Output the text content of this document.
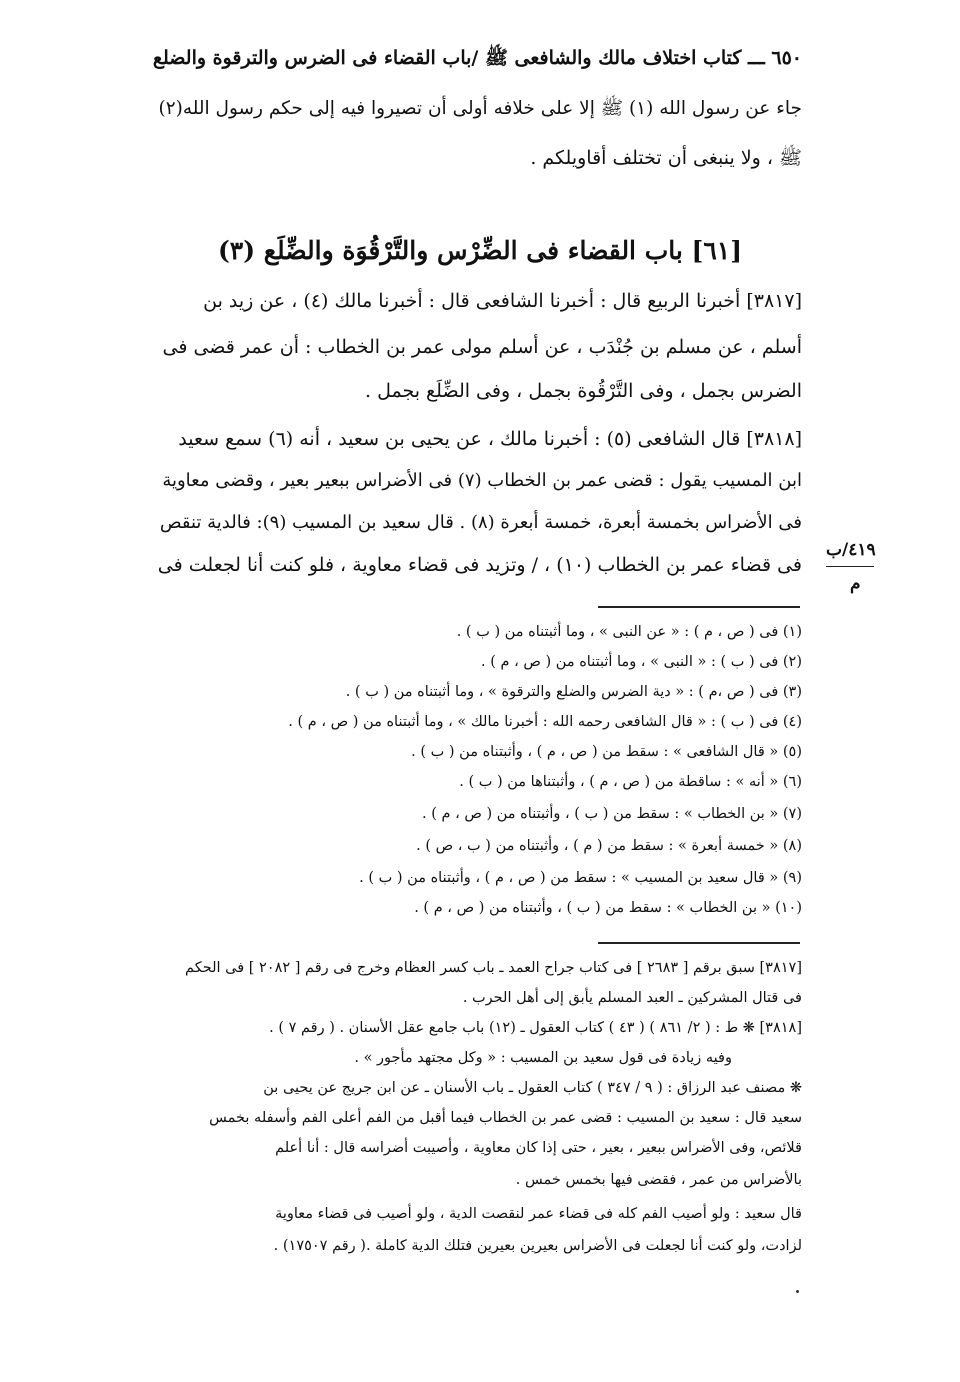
٦٥٠ ـــ كتاب اختلاف مالك والشافعى ﷺ /باب القضاء فى الضرس والترقوة والضلع
جاء عن رسول الله (١) ﷺ إلا على خلافه أولى أن تصيروا فيه إلى حكم رسول الله(٢)
ﷺ ، ولا ينبغى أن تختلف أقاويلكم .
[٦١] باب القضاء فى الضِّرْس والتَّرْقُوَة والضِّلَع (٣)
[٣٨١٧] أخبرنا الربيع قال : أخبرنا الشافعى قال : أخبرنا مالك (٤) ، عن زيد بن
أسلم ، عن مسلم بن جُنْدَب ، عن أسلم مولى عمر بن الخطاب : أن عمر قضى فى
الضرس بجمل ، وفى التَّرْقُوة بجمل ، وفى الضِّلَع بجمل .
[٣٨١٨] قال الشافعى (٥) : أخبرنا مالك ، عن يحيى بن سعيد ، أنه (٦) سمع سعيد
ابن المسيب يقول : قضى عمر بن الخطاب (٧) فى الأضراس ببعير بعير ، وقضى معاوية
فى الأضراس بخمسة أبعرة، خمسة أبعرة (٨) . قال سعيد بن المسيب (٩): فالدية تنقص
فى قضاء عمر بن الخطاب (١٠) ، / وتزيد فى قضاء معاوية ، فلو كنت أنا لجعلت فى
٤١٩/ب
م
(١) فى ( ص ، م ) : « عن النبى » ، وما أثبتناه من ( ب ) .
(٢) فى ( ب ) : « النبى » ، وما أثبتناه من ( ص ، م ) .
(٣) فى ( ص ،م ) : « دية الضرس والضلع والترقوة » ، وما أثبتناه من ( ب ) .
(٤) فى ( ب ) : « قال الشافعى رحمه الله : أخبرنا مالك » ، وما أثبتناه من ( ص ، م ) .
(٥) « قال الشافعى » : سقط من ( ص ، م ) ، وأثبتناه من ( ب ) .
(٦) « أنه » : ساقطة من ( ص ، م ) ، وأثبتناها من ( ب ) .
(٧) « بن الخطاب » : سقط من ( ب ) ، وأثبتناه من ( ص ، م ) .
(٨) « خمسة أبعرة » : سقط من ( م ) ، وأثبتناه من ( ب ، ص ) .
(٩) « قال سعيد بن المسيب » : سقط من ( ص ، م ) ، وأثبتناه من ( ب ) .
(١٠) « بن الخطاب » : سقط من ( ب ) ، وأثبتناه من ( ص ، م ) .
[٣٨١٧] سبق برقم [ ٢٦٨٣ ] فى كتاب جراح العمد ـ باب كسر العظام وخرج فى رقم [ ٢٠٨٢ ] فى الحكم
فى قتال المشركين ـ العبد المسلم يأبق إلى أهل الحرب .
[٣٨١٨] ❋ ط : ( ٢/ ٨٦١ ) ( ٤٣ ) كتاب العقول ـ (١٢) باب جامع عقل الأسنان . ( رقم ٧ ) .
وفيه زيادة فى قول سعيد بن المسيب : « وكل مجتهد مأجور » .
❋ مصنف عبد الرزاق : ( ٩ / ٣٤٧ ) كتاب العقول ـ باب الأسنان ـ عن ابن جريج عن يحيى بن
سعيد قال : سعيد بن المسيب : قضى عمر بن الخطاب فيما أقبل من الفم أعلى الفم وأسفله بخمس
قلائص، وفى الأضراس ببعير ، بعير ، حتى إذا كان معاوية ، وأصيبت أضراسه قال : أنا أعلم
بالأضراس من عمر ، فقضى فيها بخمس خمس .
قال سعيد : ولو أصيب الفم كله فى قضاء عمر لنقصت الدية ، ولو أصيب فى قضاء معاوية
لزادت، ولو كنت أنا لجعلت فى الأضراس بعيرين بعيرين فتلك الدية كاملة .( رقم ١٧٥٠٧) .
